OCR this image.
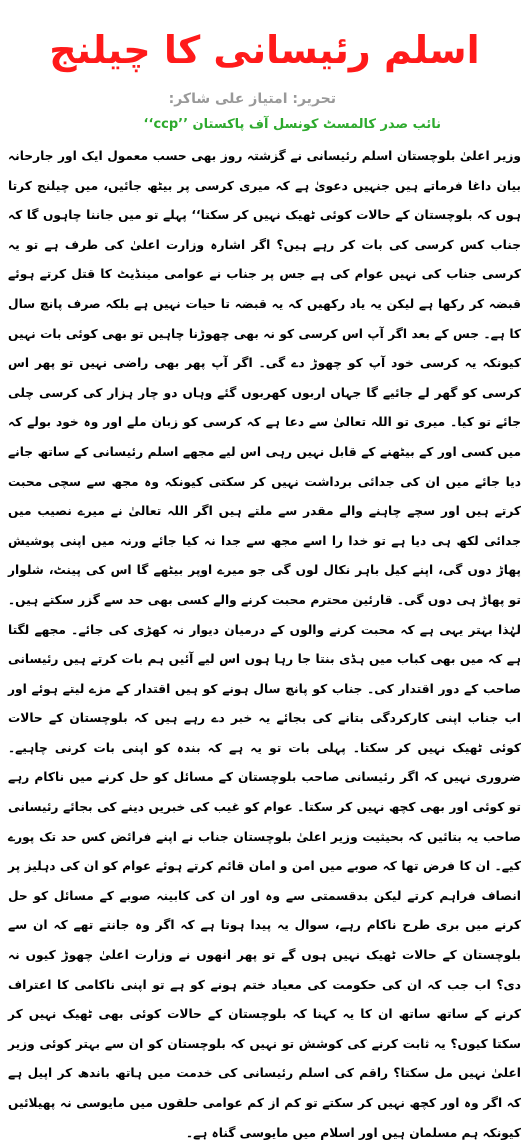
اسلم رئیسانی کا چیلنج
تحریر: امتیاز علی شاکر:
نائب صدر کالمسٹ کونسل آف پاکستان ’’ccp‘‘

وزیر اعلیٰ بلوچستان اسلم رئیسانی نے گزشتہ روز بھی حسب معمول ایک اور جارحانہ بیان داغا فرماتے ہیں جنہیں دعویٰ ہے کہ میری کرسی پر بیٹھ جائیں، میں چیلنج کرتا ہوں کہ بلوچستان کے حالات کوئی ٹھیک نہیں کر سکتا‘‘ پہلے تو میں جاننا چاہوں گا کہ جناب کس کرسی کی بات کر رہے ہیں؟ اگر اشارہ وزارت اعلیٰ کی طرف ہے تو یہ کرسی جناب کی نہیں عوام کی ہے جس پر جناب نے عوامی مینڈیٹ کا قتل کرتے ہوئے قبضہ کر رکھا ہے لیکن یہ یاد رکھیں کہ یہ قبضہ تا حیات نہیں ہے بلکہ صرف پانچ سال کا ہے۔ جس کے بعد اگر آپ اس کرسی کو نہ بھی چھوڑنا چاہیں تو بھی کوئی بات نہیں کیونکہ یہ کرسی خود آپ کو چھوڑ دے گی۔ اگر آپ پھر بھی راضی نہیں تو پھر اس کرسی کو گھر لے جائیے گا جہاں اربوں کھربوں گئے وہاں دو چار ہزار کی کرسی چلی جائے تو کیا۔ میری تو اللہ تعالیٰ سے دعا ہے کہ کرسی کو زبان ملے اور وہ خود بولے کہ میں کسی اور کے بیٹھنے کے قابل نہیں رہی اس لیے مجھے اسلم رئیسانی کے ساتھ جانے دیا جائے میں ان کی جدائی برداشت نہیں کر سکتی کیونکہ وہ مجھ سے سچی محبت کرتے ہیں اور سچے چاہنے والے مقدر سے ملتے ہیں اگر اللہ تعالیٰ نے میرے نصیب میں جدائی لکھ ہی دیا ہے تو خدا را اسے مجھ سے جدا نہ کیا جائے ورنہ میں اپنی پوشیش پھاڑ دوں گی، اپنے کیل باہر نکال لوں گی جو میرے اوپر بیٹھے گا اس کی پینٹ، شلوار تو پھاڑ ہی دوں گی۔ قارئین محترم محبت کرنے والے کسی بھی حد سے گزر سکتے ہیں۔ لہٰذا بہتر یہی ہے کہ محبت کرنے والوں کے درمیان دیوار نہ کھڑی کی جائے۔ مجھے لگتا ہے کہ میں بھی کباب میں ہڈی بنتا جا رہا ہوں اس لیے آئیں ہم بات کرتے ہیں رئیسانی صاحب کے دور اقتدار کی۔ جناب کو پانچ سال ہونے کو ہیں اقتدار کے مزے لیتے ہوئے اور اب جناب اپنی کارکردگی بتانے کی بجائے یہ خبر دے رہے ہیں کہ بلوچستان کے حالات کوئی ٹھیک نہیں کر سکتا۔ پہلی بات تو یہ ہے کہ بندہ کو اپنی بات کرنی چاہیے۔ ضروری نہیں کہ اگر رئیسانی صاحب بلوچستان کے مسائل کو حل کرنے میں ناکام رہے تو کوئی اور بھی کچھ نہیں کر سکتا۔ عوام کو غیب کی خبریں دینے کی بجائے رئیسانی صاحب یہ بتائیں کہ بحیثیت وزیر اعلیٰ بلوچستان جناب نے اپنے فرائض کس حد تک پورے کیے۔ ان کا فرض تھا کہ صوبے میں امن و امان قائم کرتے ہوئے عوام کو ان کی دہلیز پر انصاف فراہم کرتے لیکن بدقسمتی سے وہ اور ان کی کابینہ صوبے کے مسائل کو حل کرنے میں بری طرح ناکام رہے، سوال یہ پیدا ہوتا ہے کہ اگر وہ جانتے تھے کہ ان سے بلوچستان کے حالات ٹھیک نہیں ہوں گے تو پھر انھوں نے وزارت اعلیٰ چھوڑ کیوں نہ دی؟ اب جب کہ ان کی حکومت کی معیاد ختم ہونے کو ہے تو اپنی ناکامی کا اعتراف کرنے کے ساتھ ساتھ ان کا یہ کہنا کہ بلوچستان کے حالات کوئی بھی ٹھیک نہیں کر سکتا کیوں؟ یہ ثابت کرنے کی کوشش تو نہیں کہ بلوچستان کو ان سے بہتر کوئی وزیر اعلیٰ نہیں مل سکتا؟ راقم کی اسلم رئیسانی کی خدمت میں ہاتھ باندھ کر اپیل ہے کہ اگر وہ اور کچھ نہیں کر سکتے تو کم از کم عوامی حلقوں میں مایوسی نہ پھیلائیں کیونکہ ہم مسلمان ہیں اور اسلام میں مایوسی گناہ ہے۔
